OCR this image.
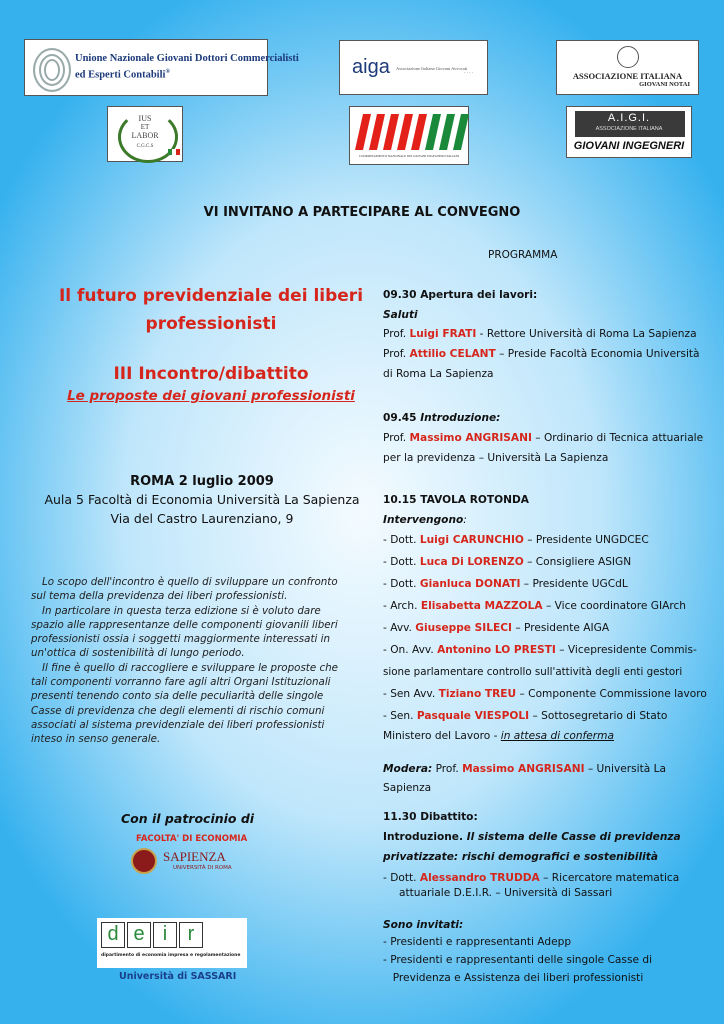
Unione Nazionale Giovani Dottori Commercialisti
ed Esperti Contabili®	aiga Associazione Italiana Giovani Avvocati
....	ASSOCIAZIONE ITALIANA
GIOVANI NOTAI
IUS
ET
LABOR
C.G.C.S
COORDINAMENTO NAZIONALE DEI GIOVANI INGEGNERI ITALIANI
A.I.G.I.
ASSOCIAZIONE ITALIANA
GIOVANI INGEGNERI
VI INVITANO A PARTECIPARE AL CONVEGNO
PROGRAMMA
Il futuro previdenziale dei liberi
professionisti
III Incontro/dibattito
Le proposte dei giovani professionisti
ROMA 2 luglio 2009
Aula 5 Facoltà di Economia Università La Sapienza
Via del Castro Laurenziano, 9
Lo scopo dell'incontro è quello di sviluppare un confronto
sul tema della previdenza dei liberi professionisti.
In particolare in questa terza edizione si è voluto dare
spazio alle rappresentanze delle componenti giovanili liberi
professionisti ossia i soggetti maggiormente interessati in
un'ottica di sostenibilità di lungo periodo.
Il fine è quello di raccogliere e sviluppare le proposte che
tali componenti vorranno fare agli altri Organi Istituzionali
presenti tenendo conto sia delle peculiarità delle singole
Casse di previdenza che degli elementi di rischio comuni
associati al sistema previdenziale dei liberi professionisti
inteso in senso generale.
Con il patrocinio di
FACOLTA' DI ECONOMIA
SAPIENZA
UNIVERSITÀ DI ROMA
d e i	r
dipartimento di economia impresa e regolamentazione
Università di SASSARI
09.30 Apertura dei lavori:
Saluti
Prof. Luigi FRATI - Rettore Università di Roma La Sapienza
Prof. Attilio CELANT – Preside Facoltà Economia Università
di Roma La Sapienza
09.45 Introduzione:
Prof. Massimo ANGRISANI – Ordinario di Tecnica attuariale
per la previdenza – Università La Sapienza
10.15 TAVOLA ROTONDA
Intervengono:
- Dott. Luigi CARUNCHIO – Presidente UNGDCEC
- Dott. Luca Di LORENZO – Consigliere ASIGN
- Dott. Gianluca DONATI – Presidente UGCdL
- Arch. Elisabetta MAZZOLA – Vice coordinatore GIArch
- Avv. Giuseppe SILECI – Presidente AIGA
- On. Avv. Antonino LO PRESTI – Vicepresidente Commis-
sione parlamentare controllo sull'attività degli enti gestori
- Sen Avv. Tiziano TREU – Componente Commissione lavoro
- Sen. Pasquale VIESPOLI – Sottosegretario di Stato
Ministero del Lavoro - in attesa di conferma
Modera: Prof. Massimo ANGRISANI – Università La
Sapienza
11.30 Dibattito:
Introduzione. Il sistema delle Casse di previdenza
privatizzate: rischi demografici e sostenibilità
- Dott. Alessandro TRUDDA – Ricercatore matematica
attuariale D.E.I.R. – Università di Sassari
Sono invitati:
- Presidenti e rappresentanti Adepp
- Presidenti e rappresentanti delle singole Casse di
Previdenza e Assistenza dei liberi professionisti
